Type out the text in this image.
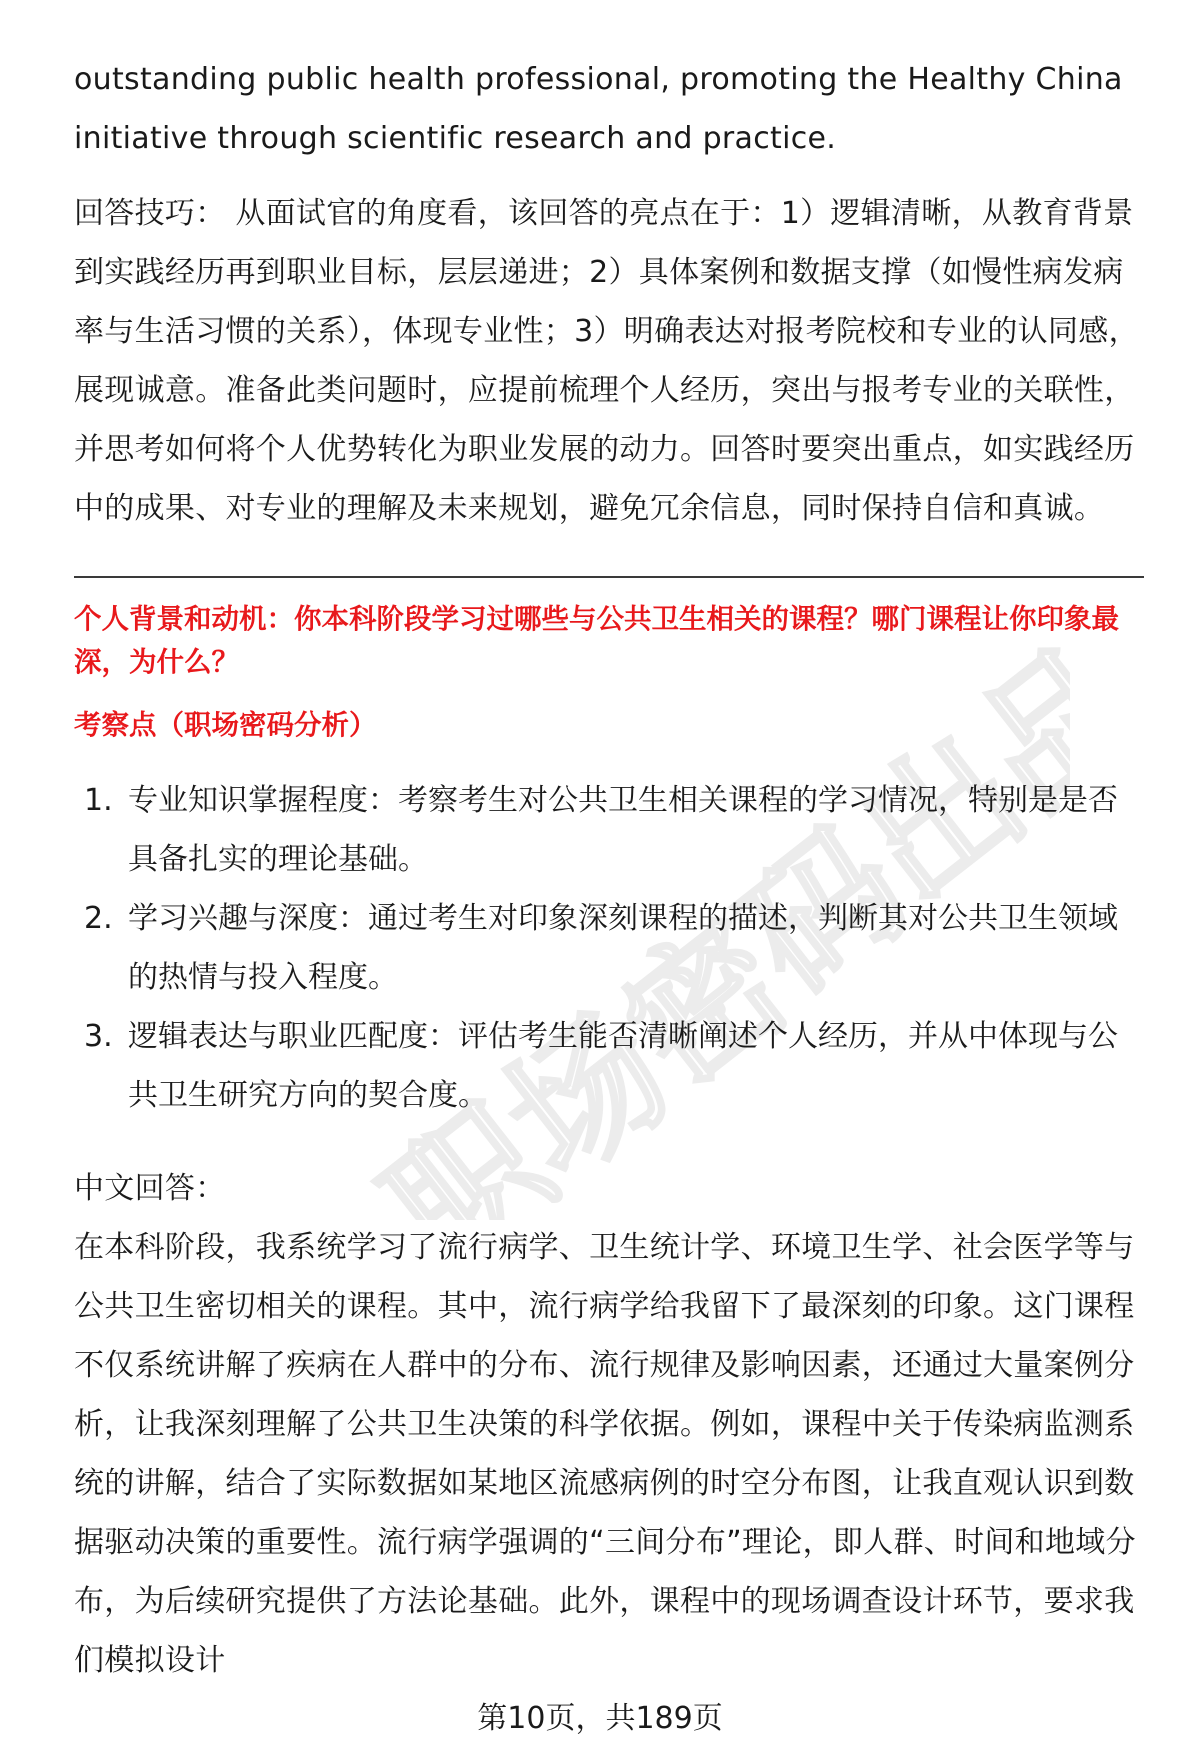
职场密码出品

outstanding public health professional, promoting the Healthy China initiative through scientific research and practice.

回答技巧： 从面试官的角度看，该回答的亮点在于：1）逻辑清晰，从教育背景到实践经历再到职业目标，层层递进；2）具体案例和数据支撑（如慢性病发病率与生活习惯的关系），体现专业性；3）明确表达对报考院校和专业的认同感，展现诚意。准备此类问题时，应提前梳理个人经历，突出与报考专业的关联性，并思考如何将个人优势转化为职业发展的动力。回答时要突出重点，如实践经历中的成果、对专业的理解及未来规划，避免冗余信息，同时保持自信和真诚。

个人背景和动机：你本科阶段学习过哪些与公共卫生相关的课程？哪门课程让你印象最深，为什么？

考察点（职场密码分析）

1. 专业知识掌握程度：考察考生对公共卫生相关课程的学习情况，特别是是否具备扎实的理论基础。
2. 学习兴趣与深度：通过考生对印象深刻课程的描述，判断其对公共卫生领域的热情与投入程度。
3. 逻辑表达与职业匹配度：评估考生能否清晰阐述个人经历，并从中体现与公共卫生研究方向的契合度。

中文回答：

在本科阶段，我系统学习了流行病学、卫生统计学、环境卫生学、社会医学等与公共卫生密切相关的课程。其中，流行病学给我留下了最深刻的印象。这门课程不仅系统讲解了疾病在人群中的分布、流行规律及影响因素，还通过大量案例分析，让我深刻理解了公共卫生决策的科学依据。例如，课程中关于传染病监测系统的讲解，结合了实际数据如某地区流感病例的时空分布图，让我直观认识到数据驱动决策的重要性。流行病学强调的“三间分布”理论，即人群、时间和地域分布，为后续研究提供了方法论基础。此外，课程中的现场调查设计环节，要求我们模拟设计

第10页，共189页
